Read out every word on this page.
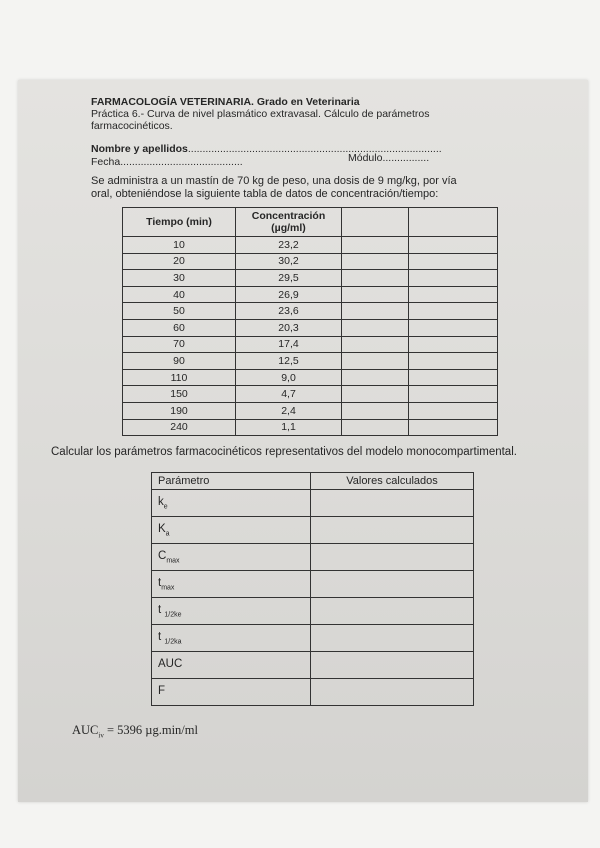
FARMACOLOGÍA VETERINARIA. Grado en Veterinaria
Práctica 6.- Curva de nivel plasmático extravasal. Cálculo de parámetros
farmacocinéticos.
Nombre y apellidos.......................................................................................
Fecha..........................................	Módulo................
Se administra a un mastín de 70 kg de peso, una dosis de 9 mg/kg, por vía
oral, obteniéndose la siguiente tabla de datos de concentración/tiempo:
Tiempo (min)	Concentración
(µg/ml)		
10	23,2		
20	30,2		
30	29,5		
40	26,9		
50	23,6		
60	20,3		
70	17,4		
90	12,5		
110	9,0		
150	4,7		
190	2,4		
240	1,1		
Calcular los parámetros farmacocinéticos representativos del modelo monocompartimental.
Parámetro	Valores calculados
$k_e$	
$K_a$	
$C_{max}$	
$t_{max}$	
t $_{1/2ke}$	
t $_{1/2ka}$	
AUC	
F	
$AUC_{iv} = 5396$ µg.min/ml
